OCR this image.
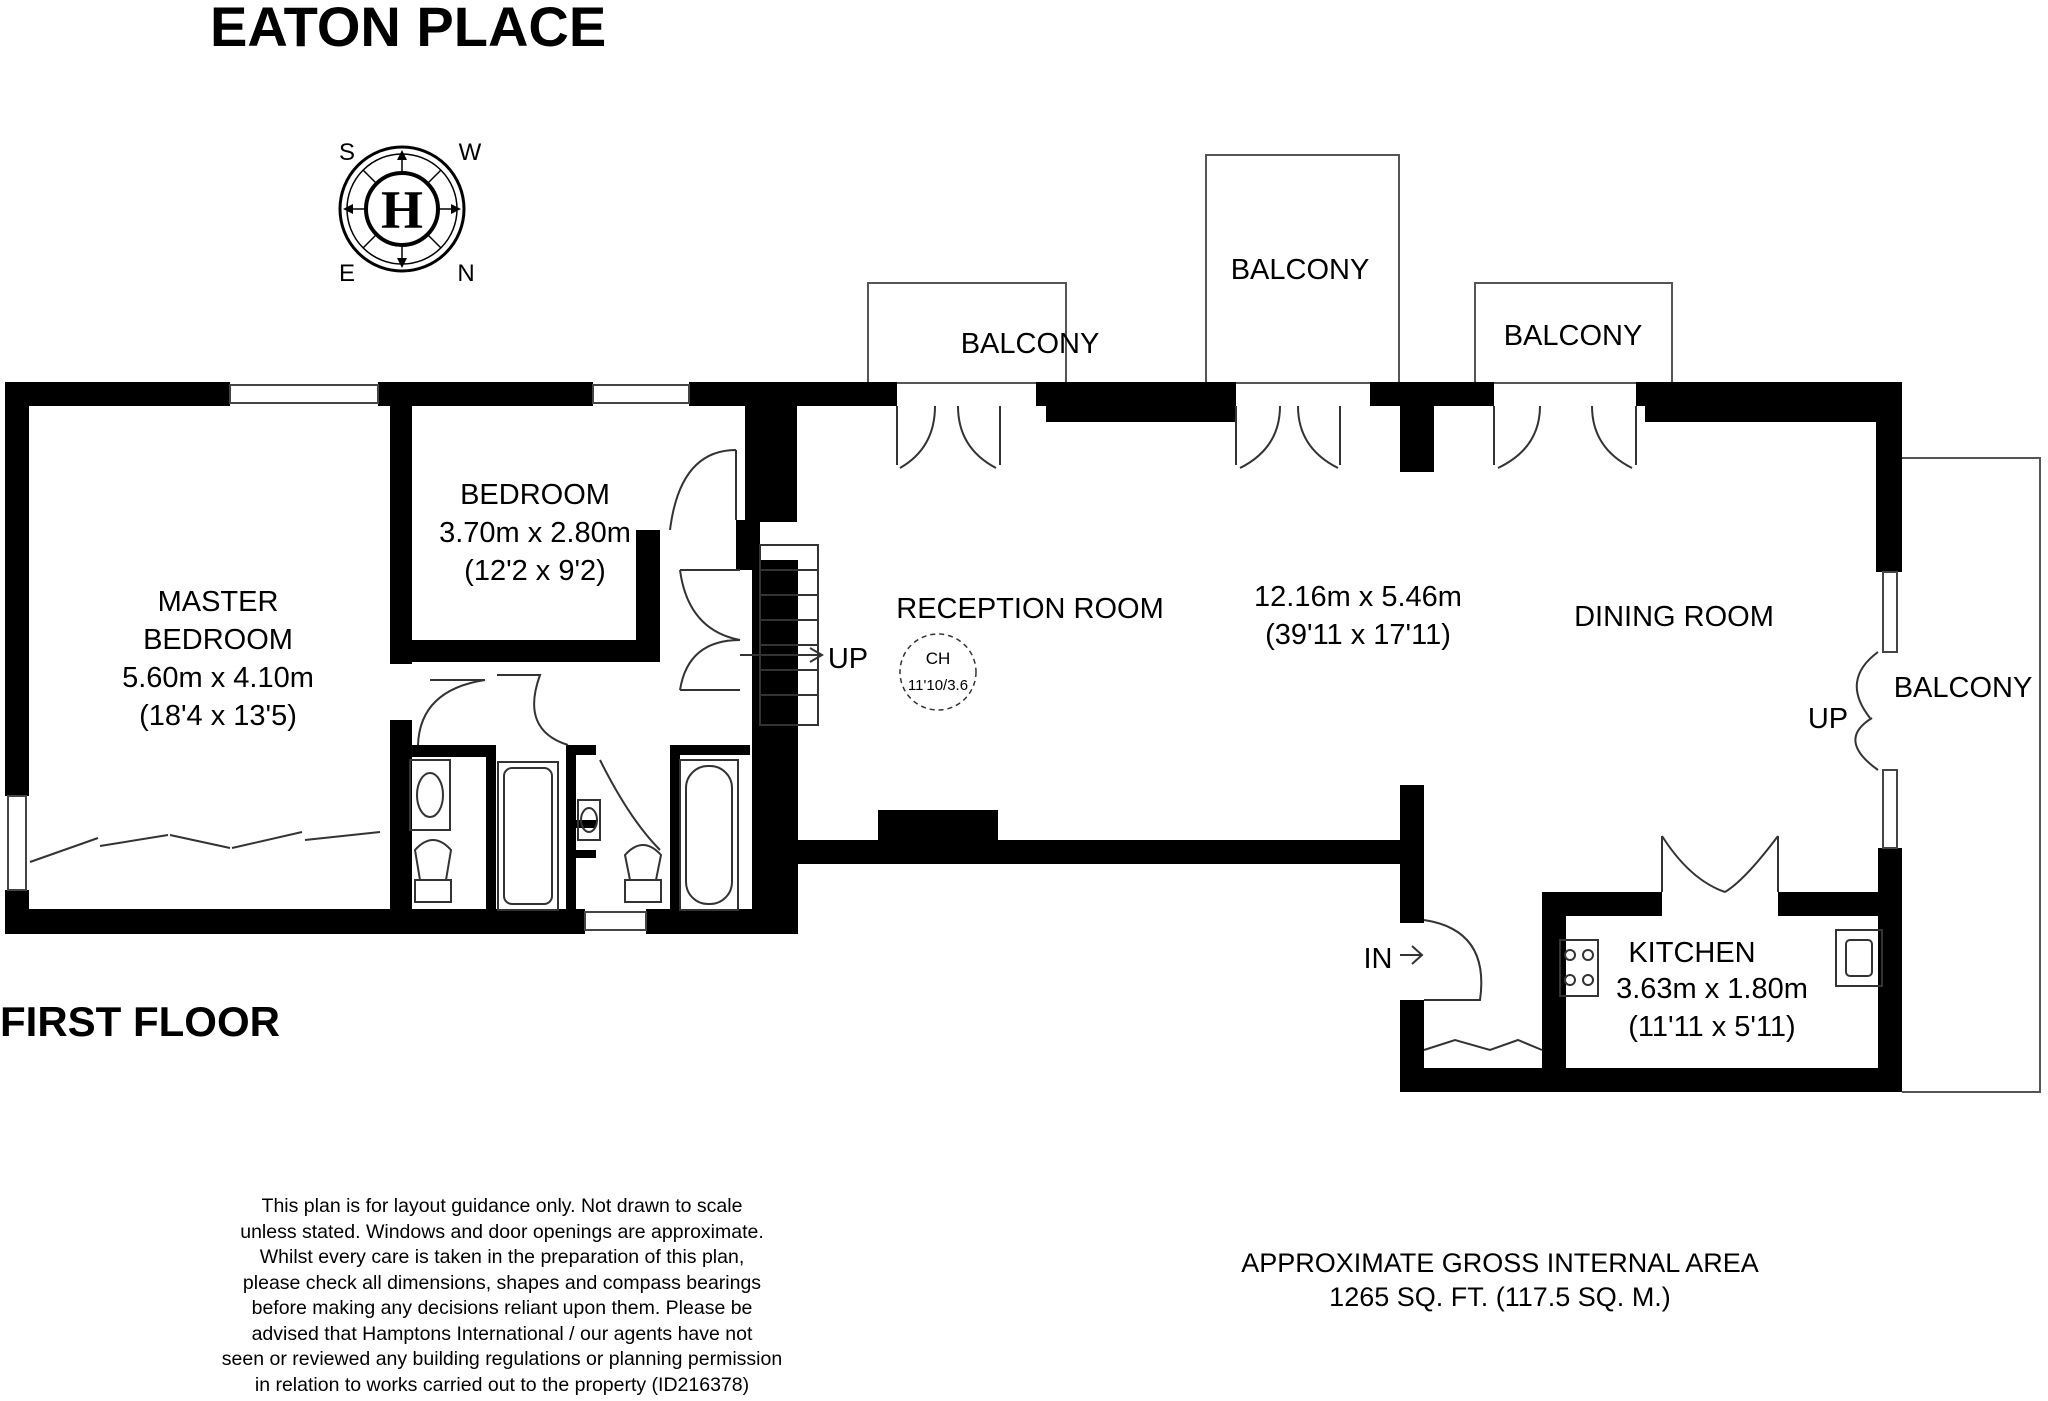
EATON PLACE
FIRST FLOOR
H
S	W
E	N
BALCONY
BALCONY
BALCONY
BALCONY
MASTER
BEDROOM
5.60m x 4.10m
(18'4 x 13'5)
BEDROOM
3.70m x 2.80m
(12'2 x 9'2)
RECEPTION ROOM	12.16m x 5.46m
(39'11 x 17'11)
DINING ROOM
KITCHEN
3.63m x 1.80m
(11'11 x 5'11)
UP
UP
IN
CH
11'10/3.6
This plan is for layout guidance only. Not drawn to scale
unless stated. Windows and door openings are approximate.
Whilst every care is taken in the preparation of this plan,
please check all dimensions, shapes and compass bearings
before making any decisions reliant upon them. Please be
advised that Hamptons International / our agents have not
seen or reviewed any building regulations or planning permission
in relation to works carried out to the property (ID216378)
APPROXIMATE GROSS INTERNAL AREA
1265 SQ. FT. (117.5 SQ. M.)
